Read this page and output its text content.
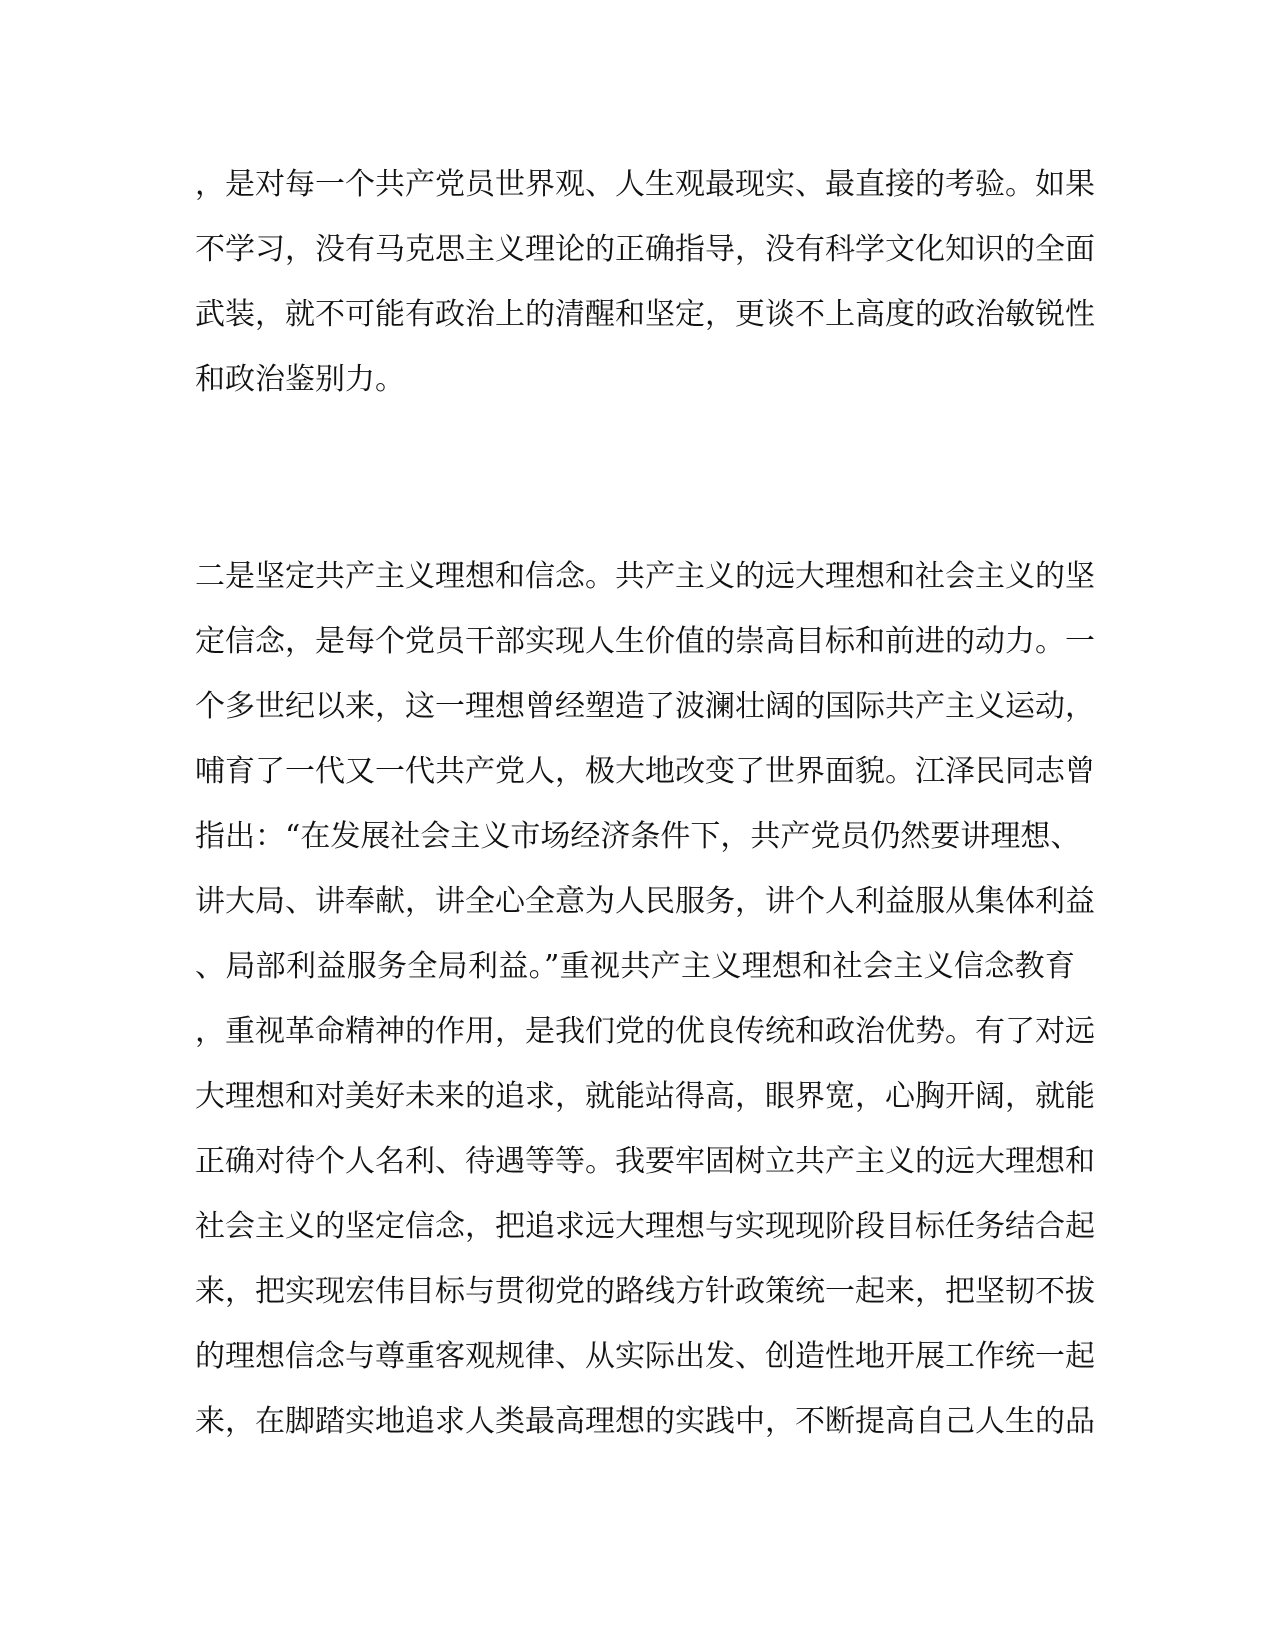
，是对每一个共产党员世界观、人生观最现实、最直接的考验。如果
不学习，没有马克思主义理论的正确指导，没有科学文化知识的全面
武装，就不可能有政治上的清醒和坚定，更谈不上高度的政治敏锐性
和政治鉴别力。
二是坚定共产主义理想和信念。共产主义的远大理想和社会主义的坚
定信念，是每个党员干部实现人生价值的崇高目标和前进的动力。一
个多世纪以来，这一理想曾经塑造了波澜壮阔的国际共产主义运动，
哺育了一代又一代共产党人，极大地改变了世界面貌。江泽民同志曾
指出：“在发展社会主义市场经济条件下，共产党员仍然要讲理想、
讲大局、讲奉献，讲全心全意为人民服务，讲个人利益服从集体利益
、局部利益服务全局利益。”重视共产主义理想和社会主义信念教育
，重视革命精神的作用，是我们党的优良传统和政治优势。有了对远
大理想和对美好未来的追求，就能站得高，眼界宽，心胸开阔，就能
正确对待个人名利、待遇等等。我要牢固树立共产主义的远大理想和
社会主义的坚定信念，把追求远大理想与实现现阶段目标任务结合起
来，把实现宏伟目标与贯彻党的路线方针政策统一起来，把坚韧不拔
的理想信念与尊重客观规律、从实际出发、创造性地开展工作统一起
来，在脚踏实地追求人类最高理想的实践中，不断提高自己人生的品
